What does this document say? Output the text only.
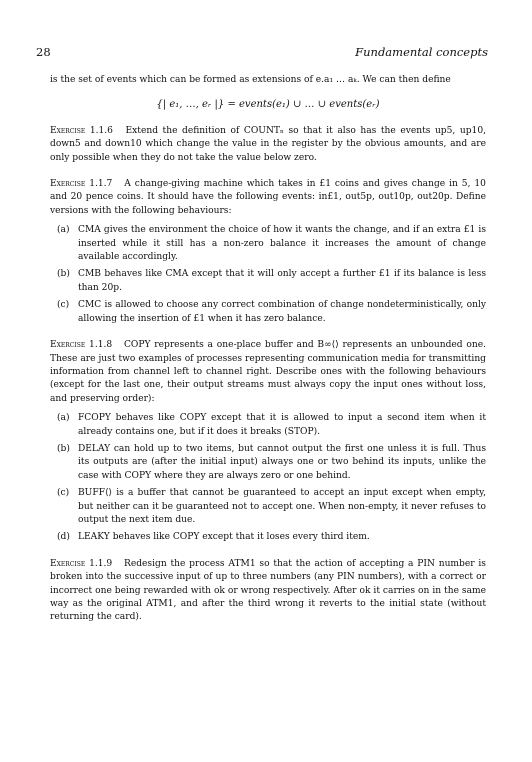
28	Fundamental concepts

is the set of events which can be formed as extensions of e.a₁ … aₖ. We can then define

{| e₁, …, eᵣ |} = events(e₁) ∪ … ∪ events(eᵣ)

Exercise 1.1.6 Extend the definition of COUNTₙ so that it also has the events up5, up10, down5 and down10 which change the value in the register by the obvious amounts, and are only possible when they do not take the value below zero.

Exercise 1.1.7 A change-giving machine which takes in £1 coins and gives change in 5, 10 and 20 pence coins. It should have the following events: in£1, out5p, out10p, out20p. Define versions with the following behaviours:

(a) CMA gives the environment the choice of how it wants the change, and if an extra £1 is inserted while it still has a non-zero balance it increases the amount of change available accordingly.
(b) CMB behaves like CMA except that it will only accept a further £1 if its balance is less than 20p.
(c) CMC is allowed to choose any correct combination of change nondeterministically, only allowing the insertion of £1 when it has zero balance.

Exercise 1.1.8 COPY represents a one-place buffer and B∞⟨⟩ represents an unbounded one. These are just two examples of processes representing communication media for transmitting information from channel left to channel right. Describe ones with the following behaviours (except for the last one, their output streams must always copy the input ones without loss, and preserving order):

(a) FCOPY behaves like COPY except that it is allowed to input a second item when it already contains one, but if it does it breaks (STOP).
(b) DELAY can hold up to two items, but cannot output the first one unless it is full. Thus its outputs are (after the initial input) always one or two behind its inputs, unlike the case with COPY where they are always zero or one behind.
(c) BUFF⟨⟩ is a buffer that cannot be guaranteed to accept an input except when empty, but neither can it be guaranteed not to accept one. When non-empty, it never refuses to output the next item due.
(d) LEAKY behaves like COPY except that it loses every third item.

Exercise 1.1.9 Redesign the process ATM1 so that the action of accepting a PIN number is broken into the successive input of up to three numbers (any PIN numbers), with a correct or incorrect one being rewarded with ok or wrong respectively. After ok it carries on in the same way as the original ATM1, and after the third wrong it reverts to the initial state (without returning the card).
